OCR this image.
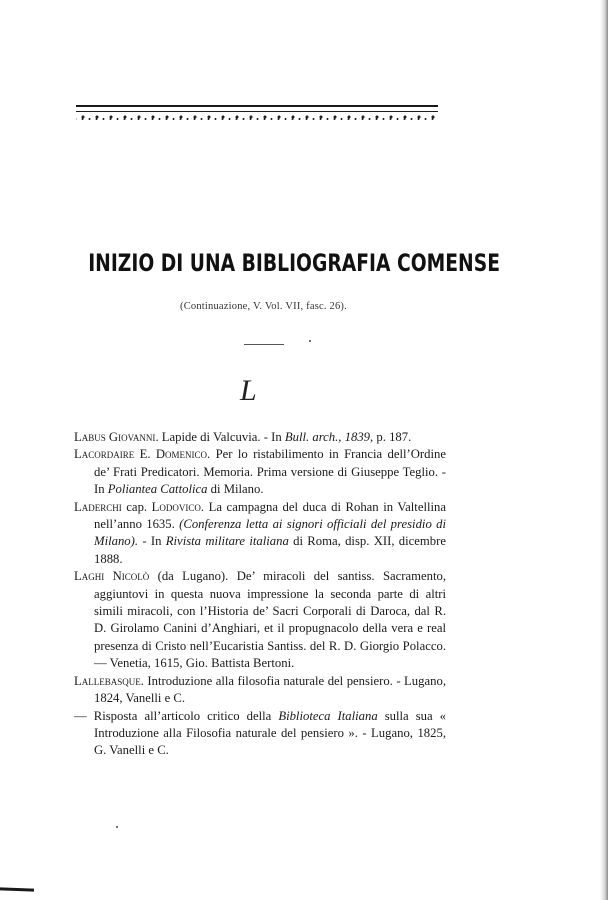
INIZIO DI UNA BIBLIOGRAFIA COMENSE
(Continuazione, V. Vol. VII, fasc. 26).
L

Labus Giovanni. Lapide di Valcuvia. - In Bull. arch., 1839, p. 187.

Lacordaire E. Domenico. Per lo ristabilimento in Francia dell’Ordine de’ Frati Predicatori. Memoria. Prima versione di Giuseppe Teglio. - In Poliantea Cattolica di Milano.

Laderchi cap. Lodovico. La campagna del duca di Rohan in Valtellina nell’anno 1635. (Conferenza letta ai signori officiali del presidio di Milano). - In Rivista militare italiana di Roma, disp. XII, dicembre 1888.

Laghi Nicolò (da Lugano). De’ miracoli del santiss. Sacramento, aggiuntovi in questa nuova impressione la seconda parte di altri simili miracoli, con l’Historia de’ Sacri Corporali di Daroca, dal R. D. Girolamo Canini d’Anghiari, et il propugnacolo della vera e real presenza di Cristo nell’Eucaristia Santiss. del R. D. Giorgio Polacco. — Venetia, 1615, Gio. Battista Bertoni.

Lallebasque. Introduzione alla filosofia naturale del pensiero. - Lugano, 1824, Vanelli e C.

— Risposta all’articolo critico della Biblioteca Italiana sulla sua « Introduzione alla Filosofia naturale del pensiero ». - Lugano, 1825, G. Vanelli e C.
